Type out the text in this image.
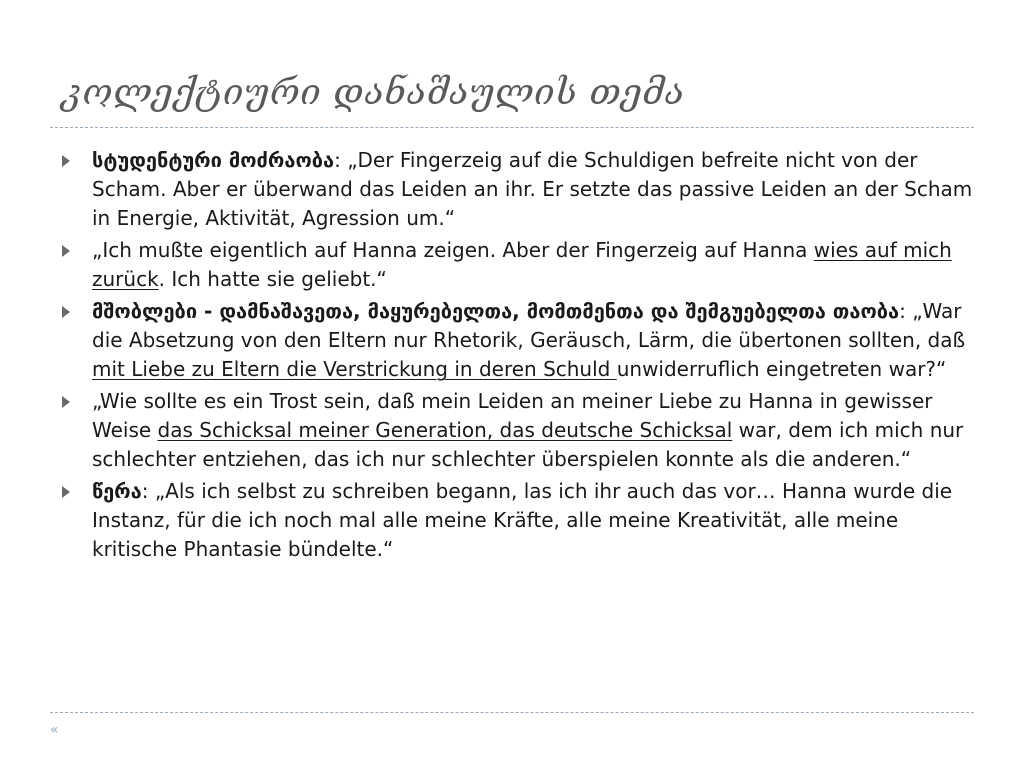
კოლექტიური დანაშაულის თემა
სტუდენტური მოძრაობა: „Der Fingerzeig auf die Schuldigen befreite nicht von der Scham. Aber er überwand das Leiden an ihr. Er setzte das passive Leiden an der Scham in Energie, Aktivität, Agression um.“
„Ich mußte eigentlich auf Hanna zeigen. Aber der Fingerzeig auf Hanna wies auf mich zurück. Ich hatte sie geliebt.“
მშობლები - დამნაშავეთა, მაყურებელთა, მომთმენთა და შემგუებელთა თაობა: „War die Absetzung von den Eltern nur Rhetorik, Geräusch, Lärm, die übertonen sollten, daß mit Liebe zu Eltern die Verstrickung in deren Schuld unwiderruflich eingetreten war?“
„Wie sollte es ein Trost sein, daß mein Leiden an meiner Liebe zu Hanna in gewisser Weise das Schicksal meiner Generation, das deutsche Schicksal war, dem ich mich nur schlechter entziehen, das ich nur schlechter überspielen konnte als die anderen.“
წერა: „Als ich selbst zu schreiben begann, las ich ihr auch das vor… Hanna wurde die Instanz, für die ich noch mal alle meine Kräfte, alle meine Kreativität, alle meine kritische Phantasie bündelte.“
«
